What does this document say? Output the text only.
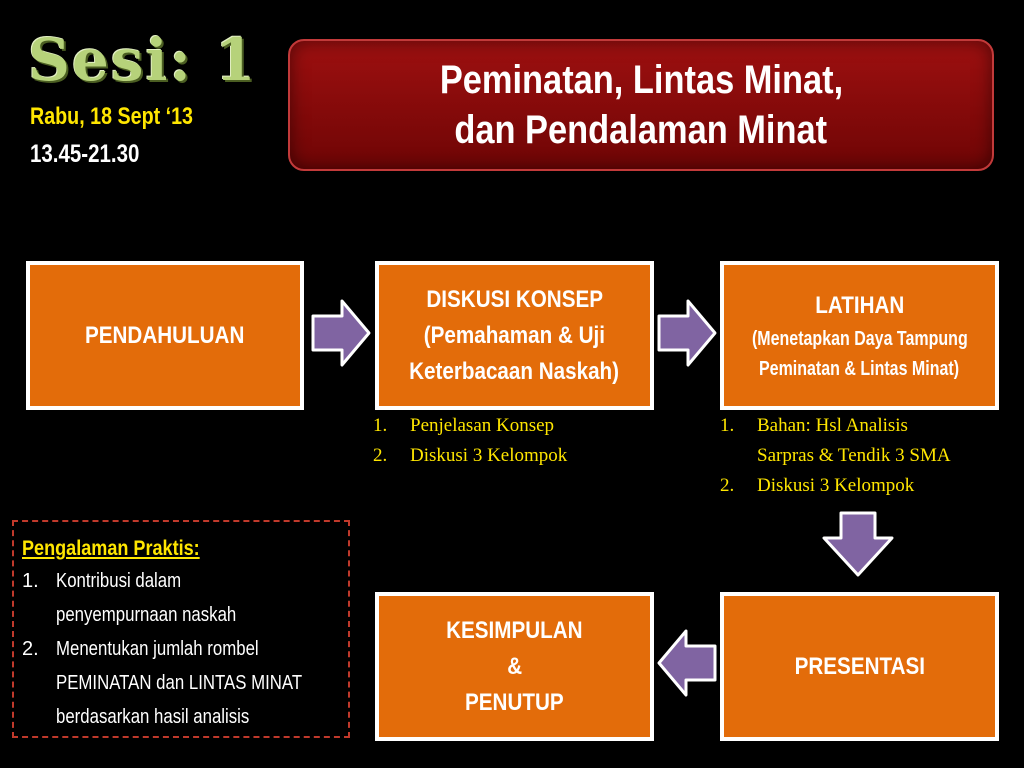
Sesi: 1
Rabu, 18 Sept ‘13
13.45-21.30
Peminatan, Lintas Minat,
dan Pendalaman Minat
PENDAHULUAN
DISKUSI KONSEP
(Pemahaman & Uji
Keterbacaan Naskah)
LATIHAN
(Menetapkan Daya Tampung
Peminatan & Lintas Minat)
PRESENTASI
KESIMPULAN
&
PENUTUP
1.	Penjelasan Konsep
2.	Diskusi 3 Kelompok
1.	Bahan: Hsl Analisis
Sarpras & Tendik 3 SMA
2.	Diskusi 3 Kelompok
Pengalaman Praktis:
1. Kontribusi dalam
penyempurnaan naskah
2. Menentukan jumlah rombel
PEMINATAN dan LINTAS MINAT
berdasarkan hasil analisis
